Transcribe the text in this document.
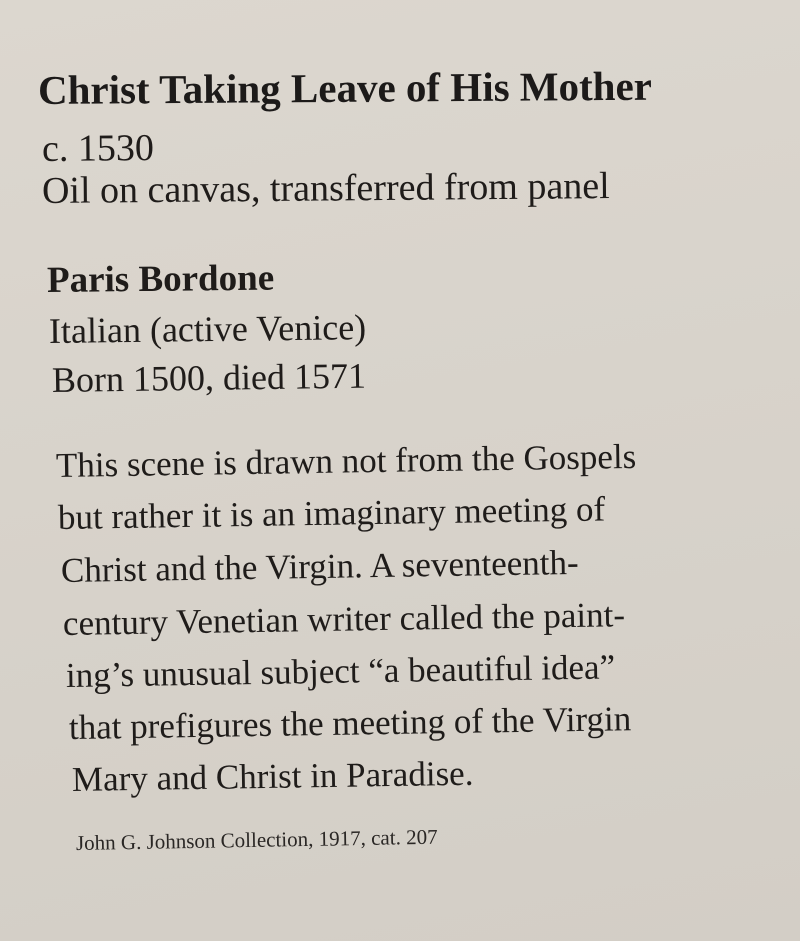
Christ Taking Leave of His Mother
c. 1530
Oil on canvas, transferred from panel
Paris Bordone
Italian (active Venice)
Born 1500, died 1571
This scene is drawn not from the Gospels
but rather it is an imaginary meeting of
Christ and the Virgin. A seventeenth-
century Venetian writer called the paint-
ing’s unusual subject “a beautiful idea”
that prefigures the meeting of the Virgin
Mary and Christ in Paradise.
John G. Johnson Collection, 1917, cat. 207
